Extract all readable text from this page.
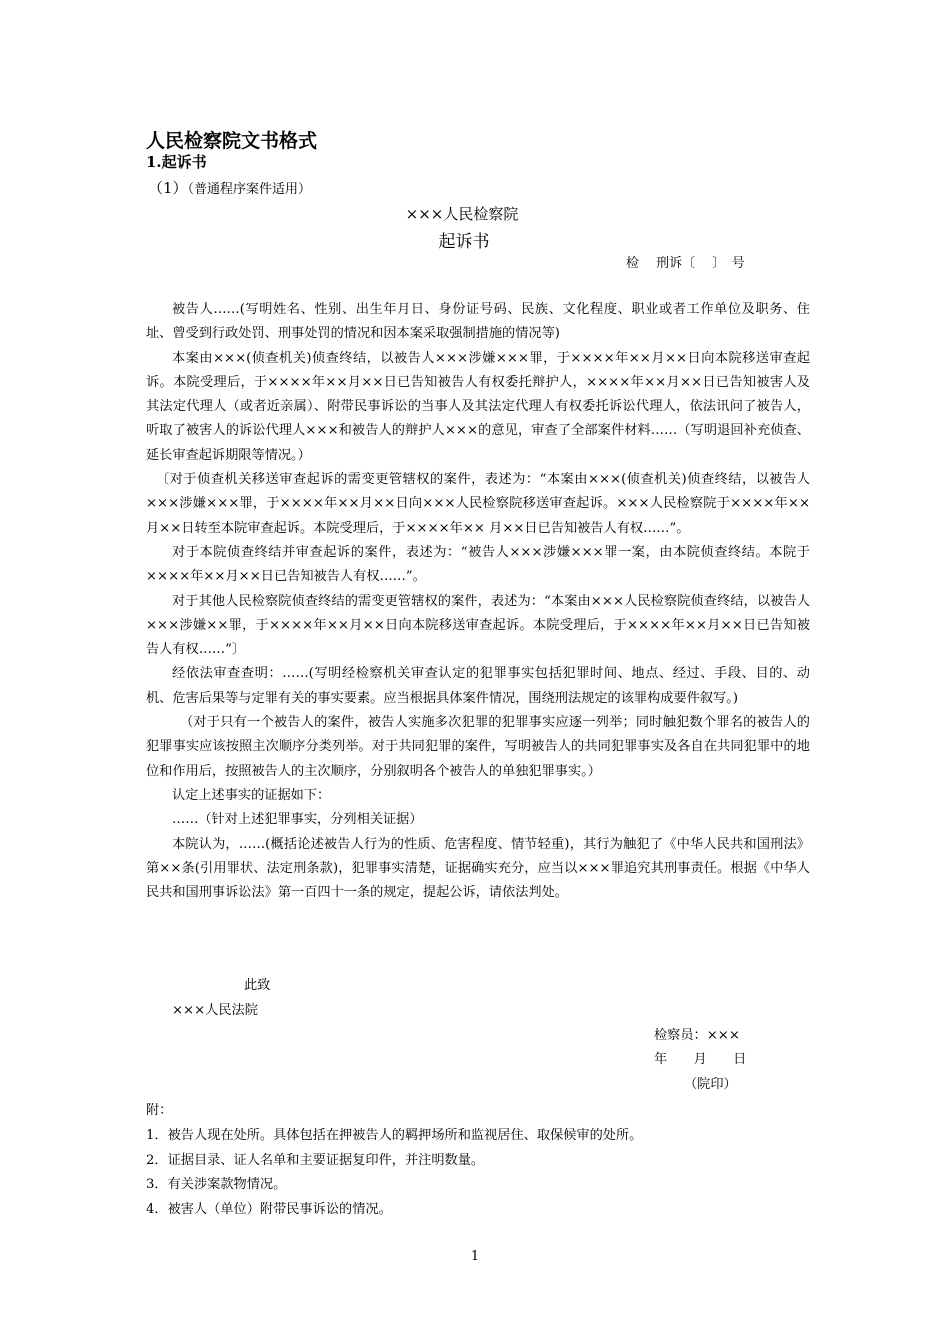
人民检察院文书格式
1.起诉书
（1）（普通程序案件适用）
×××人民检察院
起诉书
检　 刑诉〔　 〕　号

被告人……(写明姓名、性别、出生年月日、身份证号码、民族、文化程度、职业或者工作单位及职务、住址、曾受到行政处罚、刑事处罚的情况和因本案采取强制措施的情况等)

本案由×××(侦查机关)侦查终结，以被告人×××涉嫌×××罪，于××××年××月××日向本院移送审查起诉。本院受理后，于××××年××月××日已告知被告人有权委托辩护人，××××年××月××日已告知被害人及其法定代理人（或者近亲属）、附带民事诉讼的当事人及其法定代理人有权委托诉讼代理人，依法讯问了被告人，听取了被害人的诉讼代理人×××和被告人的辩护人×××的意见，审查了全部案件材料……（写明退回补充侦查、延长审查起诉期限等情况。）

〔对于侦查机关移送审查起诉的需变更管辖权的案件，表述为：“本案由×××(侦查机关)侦查终结，以被告人×××涉嫌×××罪，于××××年××月××日向×××人民检察院移送审查起诉。×××人民检察院于××××年××月××日转至本院审查起诉。本院受理后，于××××年×× 月××日已告知被告人有权……”。

对于本院侦查终结并审查起诉的案件，表述为：“被告人×××涉嫌×××罪一案，由本院侦查终结。本院于××××年××月××日已告知被告人有权……”。

对于其他人民检察院侦查终结的需变更管辖权的案件，表述为：“本案由×××人民检察院侦查终结，以被告人×××涉嫌××罪，于××××年××月××日向本院移送审查起诉。本院受理后，于××××年××月××日已告知被告人有权……”〕

经依法审查查明：……(写明经检察机关审查认定的犯罪事实包括犯罪时间、地点、经过、手段、目的、动机、危害后果等与定罪有关的事实要素。应当根据具体案件情况，围绕刑法规定的该罪构成要件叙写。)

（对于只有一个被告人的案件，被告人实施多次犯罪的犯罪事实应逐一列举；同时触犯数个罪名的被告人的犯罪事实应该按照主次顺序分类列举。对于共同犯罪的案件，写明被告人的共同犯罪事实及各自在共同犯罪中的地位和作用后，按照被告人的主次顺序，分别叙明各个被告人的单独犯罪事实。）

认定上述事实的证据如下：

……（针对上述犯罪事实，分列相关证据）

本院认为，……(概括论述被告人行为的性质、危害程度、情节轻重)，其行为触犯了《中华人民共和国刑法》第××条(引用罪状、法定刑条款)，犯罪事实清楚，证据确实充分，应当以×××罪追究其刑事责任。根据《中华人民共和国刑事诉讼法》第一百四十一条的规定，提起公诉，请依法判处。

此致
×××人民法院
检察员：×××
年　　月　　日
（院印）
附：
1．被告人现在处所。具体包括在押被告人的羁押场所和监视居住、取保候审的处所。
2．证据目录、证人名单和主要证据复印件，并注明数量。
3．有关涉案款物情况。
4．被害人（单位）附带民事诉讼的情况。
1
